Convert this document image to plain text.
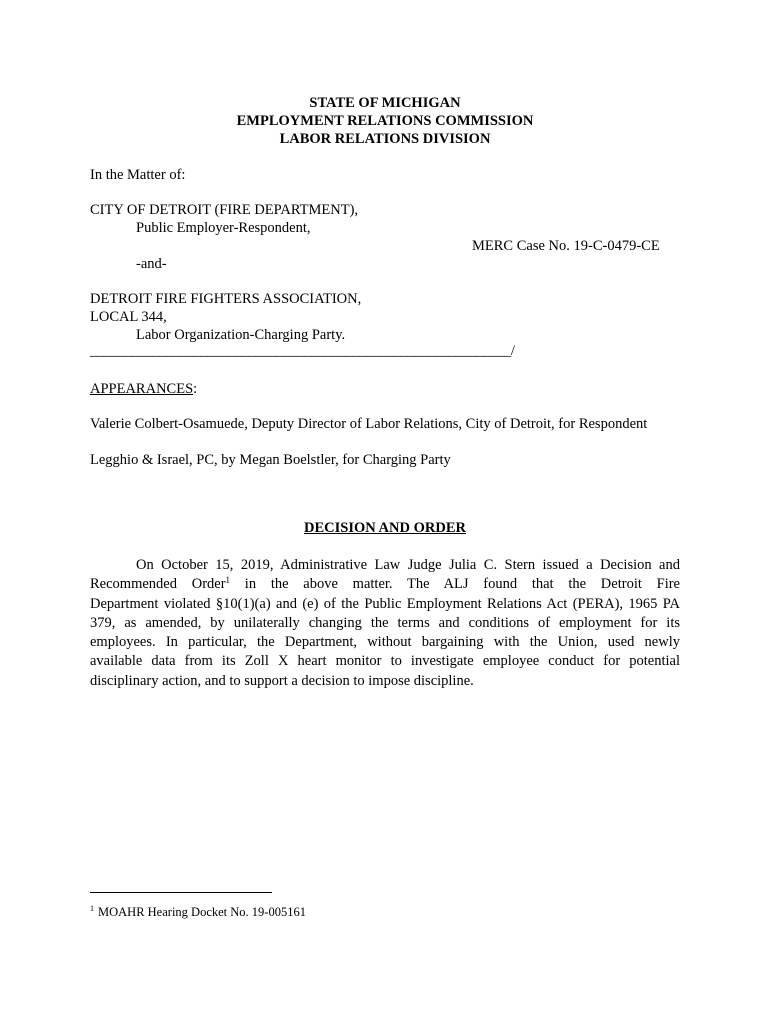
STATE OF MICHIGAN
EMPLOYMENT RELATIONS COMMISSION
LABOR RELATIONS DIVISION
In the Matter of:
CITY OF DETROIT (FIRE DEPARTMENT),
Public Employer-Respondent,
MERC Case No. 19-C-0479-CE
-and-
DETROIT FIRE FIGHTERS ASSOCIATION,
LOCAL 344,
Labor Organization-Charging Party.
_____________________________________________________________/
APPEARANCES:
Valerie Colbert-Osamuede, Deputy Director of Labor Relations, City of Detroit, for Respondent
Legghio & Israel, PC, by Megan Boelstler, for Charging Party
DECISION AND ORDER
On October 15, 2019, Administrative Law Judge Julia C. Stern issued a Decision and
Recommended Order$^1$ in the above matter. The ALJ found that the Detroit Fire
Department violated §10(1)(a) and (e) of the Public Employment Relations Act (PERA), 1965 PA
379, as amended, by unilaterally changing the terms and conditions of employment for its
employees. In particular, the Department, without bargaining with the Union, used newly
available data from its Zoll X heart monitor to investigate employee conduct for potential
disciplinary action, and to support a decision to impose discipline.
$^1$ MOAHR Hearing Docket No. 19-005161
